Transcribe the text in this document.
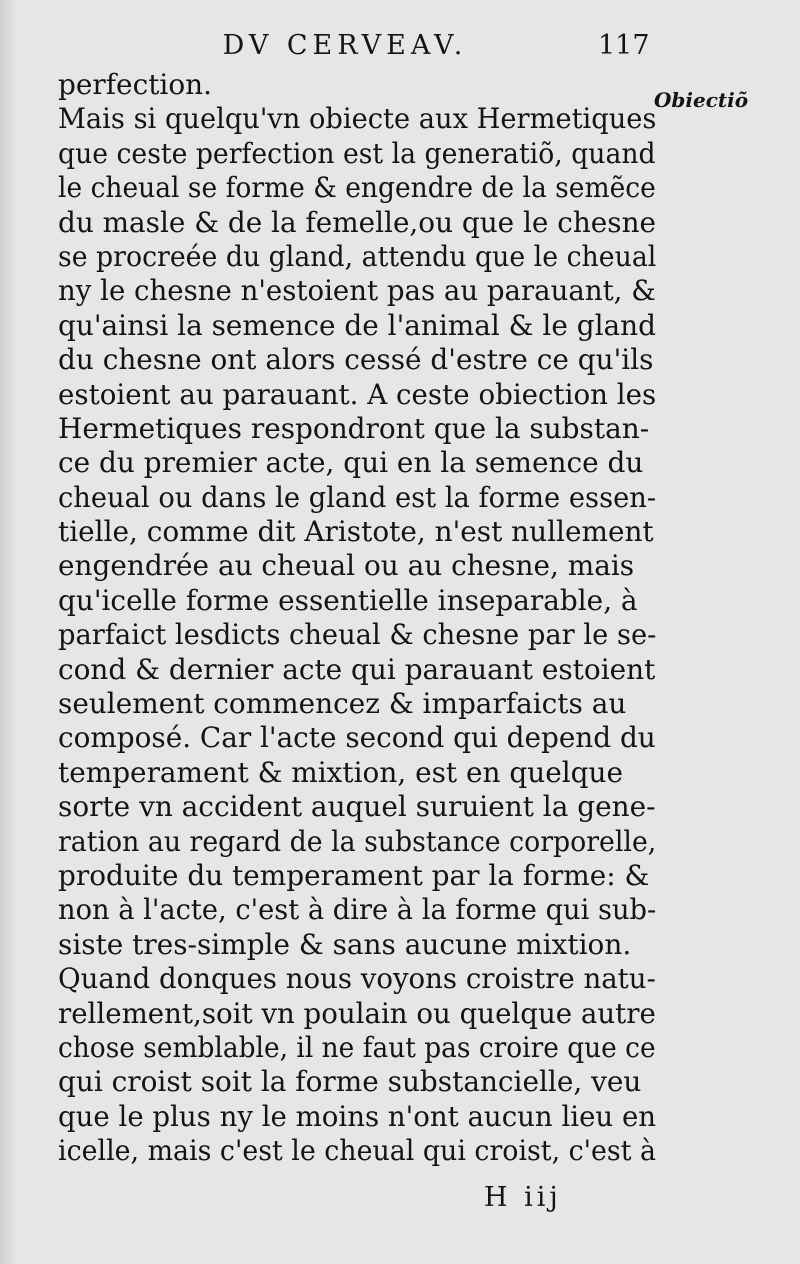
DV CERVEAV.	117
Obiectiõ
perfection.
Mais si quelqu'vn obiecte aux Hermetiques
que ceste perfection est la generatiõ, quand
le cheual se forme & engendre de la semẽce
du masle & de la femelle,ou que le chesne
se procreée du gland, attendu que le cheual
ny le chesne n'estoient pas au parauant, &
qu'ainsi la semence de l'animal & le gland
du chesne ont alors cessé d'estre ce qu'ils
estoient au parauant. A ceste obiection les
Hermetiques respondront que la substan-
ce du premier acte, qui en la semence du
cheual ou dans le gland est la forme essen-
tielle, comme dit Aristote, n'est nullement
engendrée au cheual ou au chesne, mais
qu'icelle forme essentielle inseparable, à
parfaict lesdicts cheual & chesne par le se-
cond & dernier acte qui parauant estoient
seulement commencez & imparfaicts au
composé. Car l'acte second qui depend du
temperament & mixtion, est en quelque
sorte vn accident auquel suruient la gene-
ration au regard de la substance corporelle,
produite du temperament par la forme: &
non à l'acte, c'est à dire à la forme qui sub-
siste tres-simple & sans aucune mixtion.
Quand donques nous voyons croistre natu-
rellement,soit vn poulain ou quelque autre
chose semblable, il ne faut pas croire que ce
qui croist soit la forme substancielle, veu
que le plus ny le moins n'ont aucun lieu en
icelle, mais c'est le cheual qui croist, c'est à
H iij
